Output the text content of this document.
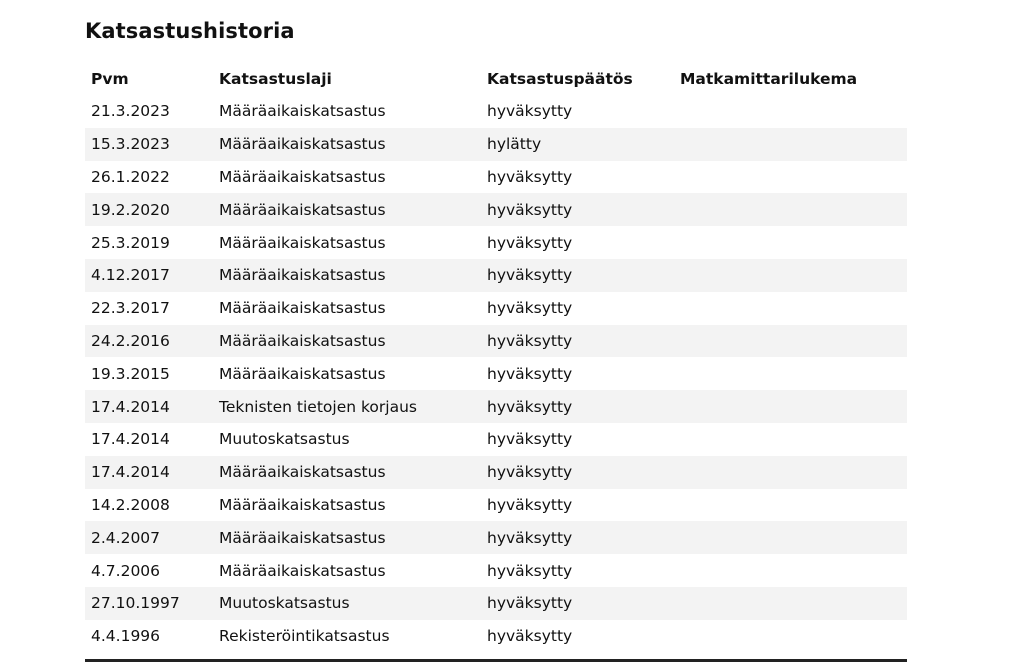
Katsastushistoria
Pvm	Katsastuslaji	Katsastuspäätös	Matkamittarilukema
21.3.2023	Määräaikaiskatsastus	hyväksytty	
15.3.2023	Määräaikaiskatsastus	hylätty	
26.1.2022	Määräaikaiskatsastus	hyväksytty	
19.2.2020	Määräaikaiskatsastus	hyväksytty	
25.3.2019	Määräaikaiskatsastus	hyväksytty	
4.12.2017	Määräaikaiskatsastus	hyväksytty	
22.3.2017	Määräaikaiskatsastus	hyväksytty	
24.2.2016	Määräaikaiskatsastus	hyväksytty	
19.3.2015	Määräaikaiskatsastus	hyväksytty	
17.4.2014	Teknisten tietojen korjaus	hyväksytty	
17.4.2014	Muutoskatsastus	hyväksytty	
17.4.2014	Määräaikaiskatsastus	hyväksytty	
14.2.2008	Määräaikaiskatsastus	hyväksytty	
2.4.2007	Määräaikaiskatsastus	hyväksytty	
4.7.2006	Määräaikaiskatsastus	hyväksytty	
27.10.1997	Muutoskatsastus	hyväksytty	
4.4.1996	Rekisteröintikatsastus	hyväksytty	
